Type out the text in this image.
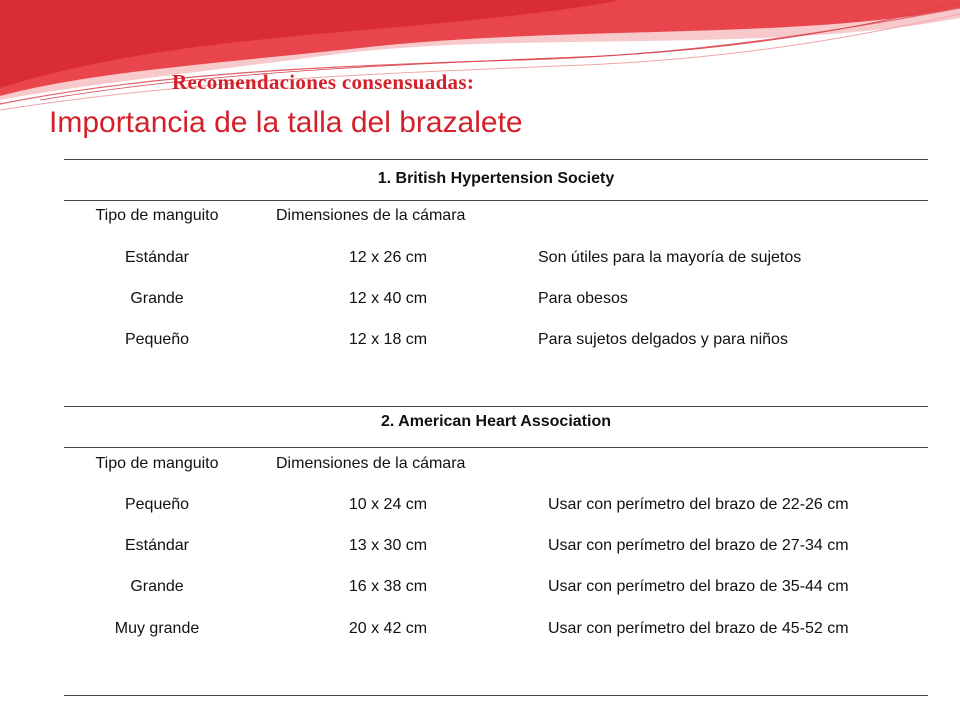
Recomendaciones consensuadas:
Importancia de la talla del brazalete
1. British Hypertension Society
Tipo de manguito	Dimensiones de la cámara
Estándar	12 x 26 cm	Son útiles para la mayoría de sujetos
Grande	12 x 40 cm	Para obesos
Pequeño	12 x 18 cm	Para sujetos delgados y para niños
2. American Heart Association
Tipo de manguito	Dimensiones de la cámara
Pequeño	10 x 24 cm	Usar con perímetro del brazo de 22-26 cm
Estándar	13 x 30 cm	Usar con perímetro del brazo de 27-34 cm
Grande	16 x 38 cm	Usar con perímetro del brazo de 35-44 cm
Muy grande	20 x 42 cm	Usar con perímetro del brazo de 45-52 cm
